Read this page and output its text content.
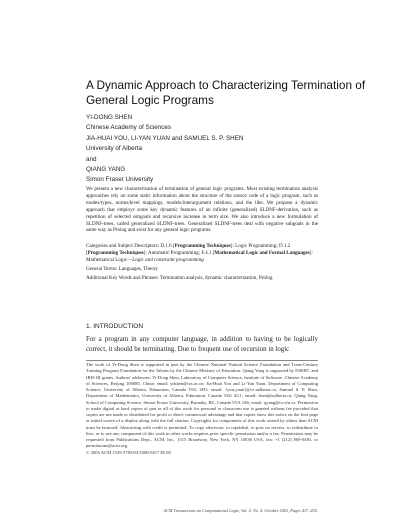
A Dynamic Approach to Characterizing Termination of General Logic Programs
YI-DONG SHEN
Chinese Academy of Sciences
JIA-HUAI YOU, LI-YAN YUAN and SAMUEL S. P. SHEN
University of Alberta
and
QIANG YANG
Simon Fraser University

We present a new characterization of termination of general logic programs. Most existing termination analysis approaches rely on some static information about the structure of the source code of a logic program, such as modes/types, norms/level mappings, models/interargument relations, and the like. We propose a dynamic approach that employs some key dynamic features of an infinite (generalized) SLDNF-derivation, such as repetition of selected subgoals and recursive increase in term size. We also introduce a new formulation of SLDNF-trees, called generalized SLDNF-trees. Generalized SLDNF-trees deal with negative subgoals in the same way as Prolog and exist for any general logic programs.

Categories and Subject Descriptors: D.1.6 [Programming Techniques]: Logic Programming; D.1.2 [Programming Techniques]: Automatic Programming; F.4.1 [Mathematical Logic and Formal Languages]: Mathematical Logic—Logic and constraint programming
General Terms: Languages, Theory
Additional Key Words and Phrases: Termination analysis, dynamic characterization, Prolog
1. INTRODUCTION

For a program in any computer language, in addition to having to be logically correct, it should be terminating. Due to frequent use of recursion in logic

The work of Yi-Dong Shen is supported in part by the Chinese National Natural Science Foundation and Trans-Century Training Program Foundation for the Talents by the Chinese Ministry of Education. Qiang Yang is supported by NSERC and IRIS III grants. Authors' addresses: Yi-Dong Shen, Laboratory of Computer Science, Institute of Software, Chinese Academy of Sciences, Beijing 100080, China; email: ydshen@ios.ac.cn; Jia-Huai You and Li-Yan Yuan, Department of Computing Science, University of Alberta, Edmonton, Canada T6G 2H1; email: {you,yuan}@cs.ualberta.ca; Samuel S. P. Shen, Department of Mathematics, University of Alberta, Edmonton, Canada T6G 2G1; email: shen@ualberta.ca; Qiang Yang, School of Computing Science, Simon Fraser University, Burnaby, BC, Canada V5A 1S6; email: qyang@cs.sfu.ca. Permission to make digital or hard copies of part or all of this work for personal or classroom use is granted without fee provided that copies are not made or distributed for profit or direct commercial advantage and that copies show this notice on the first page or initial screen of a display along with the full citation. Copyrights for components of this work owned by others than ACM must be honored. Abstracting with credit is permitted. To copy otherwise, to republish, to post on servers, to redistribute to lists, or to use any component of this work in other works requires prior specific permission and/or a fee. Permissions may be requested from Publications Dept., ACM, Inc., 1515 Broadway, New York, NY 10036 USA, fax: +1 (212) 869-0481, or permissions@acm.org.
© 2003 ACM 1529-3785/03/1000-0417 $5.00

ACM Transactions on Computational Logic, Vol. 4, No. 4, October 2003, Pages 417–435.
